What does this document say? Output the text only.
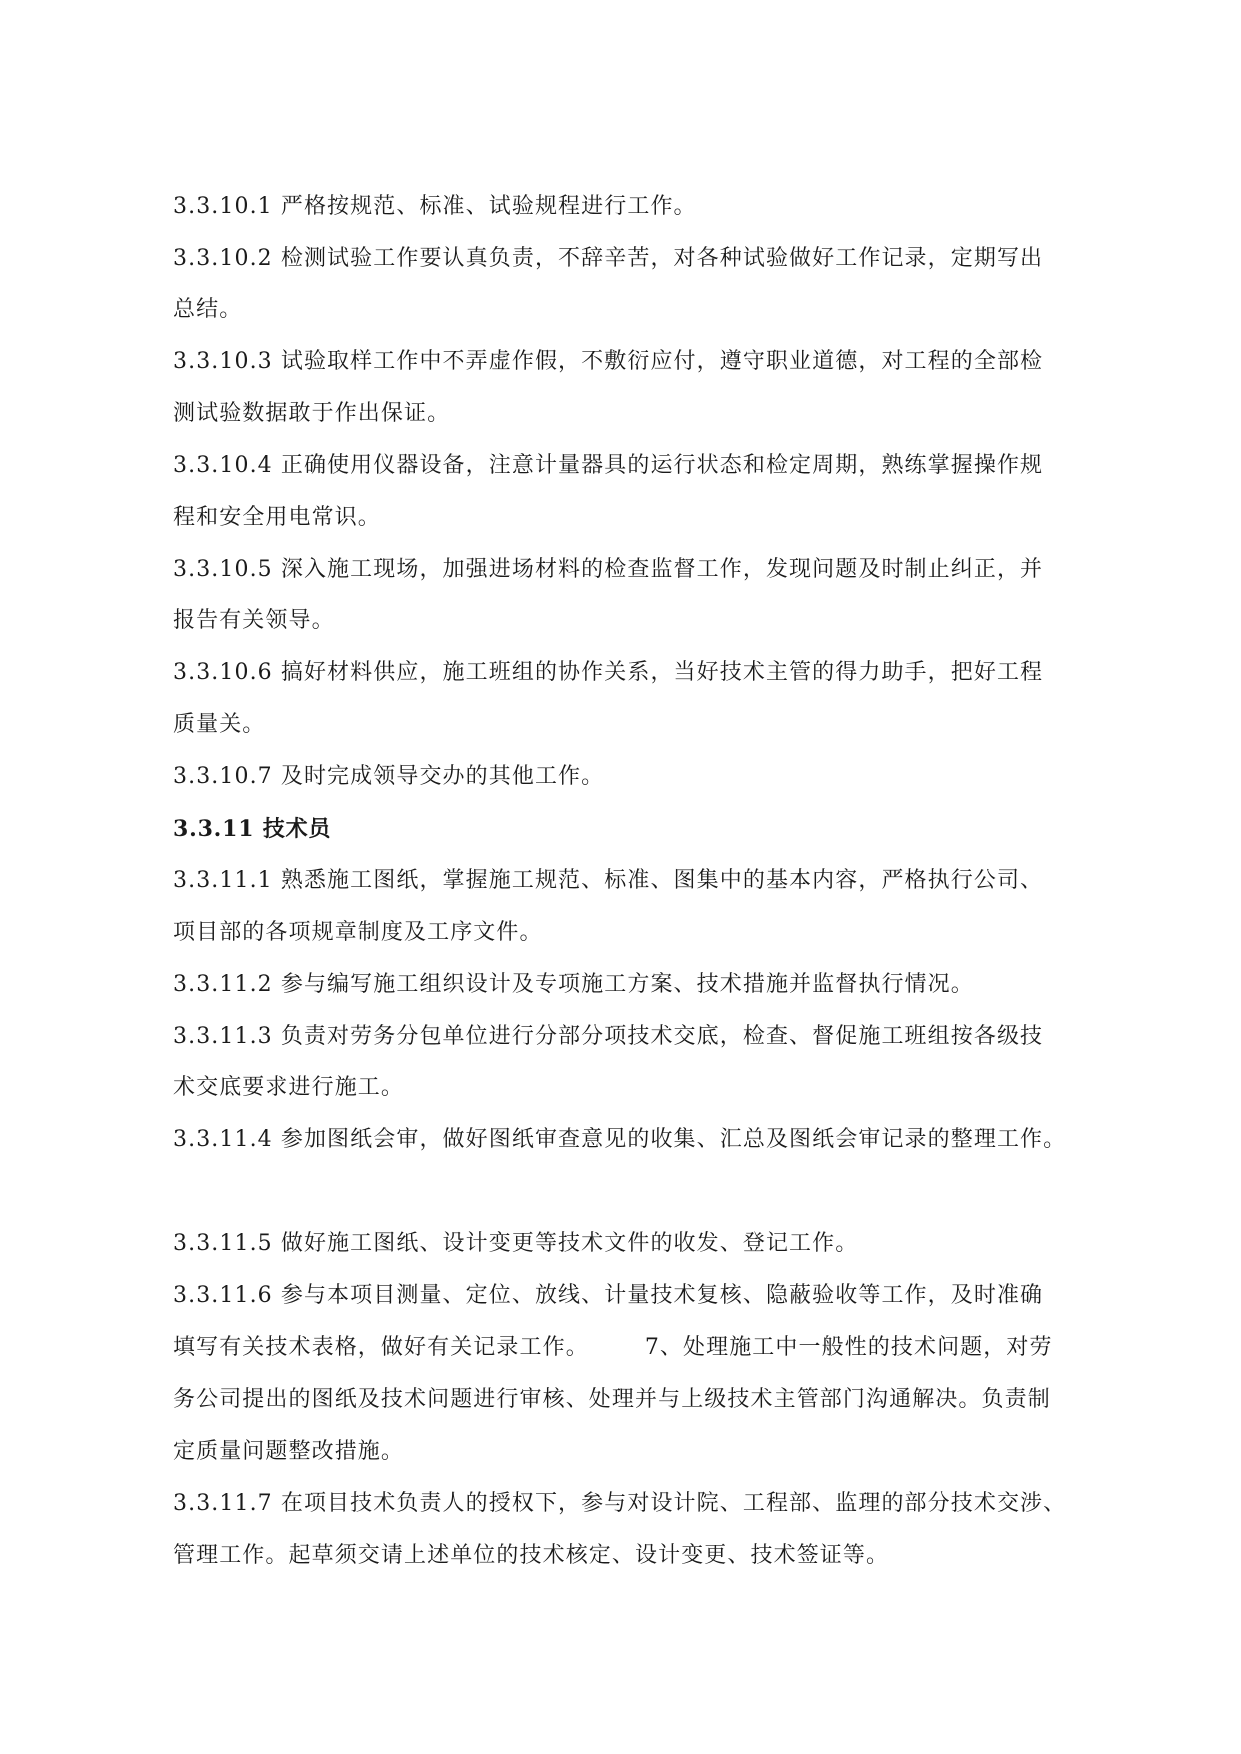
3.3.10.1 严格按规范、标准、试验规程进行工作。
3.3.10.2 检测试验工作要认真负责，不辞辛苦，对各种试验做好工作记录，定期写出
总结。
3.3.10.3 试验取样工作中不弄虚作假，不敷衍应付，遵守职业道德，对工程的全部检
测试验数据敢于作出保证。
3.3.10.4 正确使用仪器设备，注意计量器具的运行状态和检定周期，熟练掌握操作规
程和安全用电常识。
3.3.10.5 深入施工现场，加强进场材料的检查监督工作，发现问题及时制止纠正，并
报告有关领导。
3.3.10.6 搞好材料供应，施工班组的协作关系，当好技术主管的得力助手，把好工程
质量关。
3.3.10.7 及时完成领导交办的其他工作。
3.3.11 技术员
3.3.11.1 熟悉施工图纸，掌握施工规范、标准、图集中的基本内容，严格执行公司、
项目部的各项规章制度及工序文件。
3.3.11.2 参与编写施工组织设计及专项施工方案、技术措施并监督执行情况。
3.3.11.3 负责对劳务分包单位进行分部分项技术交底，检查、督促施工班组按各级技
术交底要求进行施工。
3.3.11.4 参加图纸会审，做好图纸审查意见的收集、汇总及图纸会审记录的整理工作。
3.3.11.5 做好施工图纸、设计变更等技术文件的收发、登记工作。
3.3.11.6 参与本项目测量、定位、放线、计量技术复核、隐蔽验收等工作，及时准确
填写有关技术表格，做好有关记录工作。	7、处理施工中一般性的技术问题，对劳
务公司提出的图纸及技术问题进行审核、处理并与上级技术主管部门沟通解决。负责制
定质量问题整改措施。
3.3.11.7 在项目技术负责人的授权下，参与对设计院、工程部、监理的部分技术交涉、
管理工作。起草须交请上述单位的技术核定、设计变更、技术签证等。
